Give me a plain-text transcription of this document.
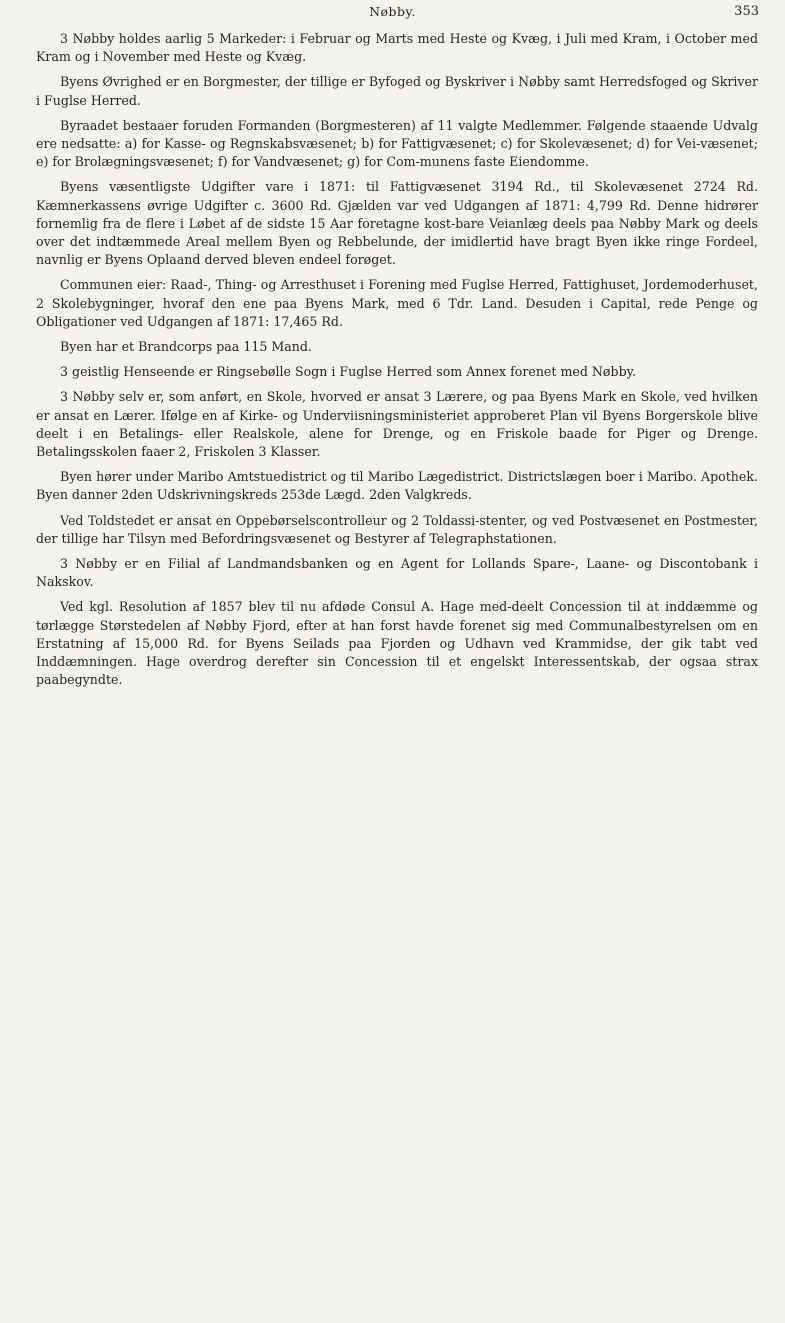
Nøbby.	353

3 Nøbby holdes aarlig 5 Markeder: i Februar og Marts med Heste og Kvæg, i Juli med Kram, i October med Kram og i November med Heste og Kvæg.

Byens Øvrighed er en Borgmester, der tillige er Byfoged og Byskriver i Nøbby samt Herredsfoged og Skriver i Fuglse Herred.

Byraadet bestaaer foruden Formanden (Borgmesteren) af 11 valgte Medlemmer. Følgende staaende Udvalg ere nedsatte: a) for Kasse- og Regnskabsvæsenet; b) for Fattigvæsenet; c) for Skolevæsenet; d) for Vei-væsenet; e) for Brolægningsvæsenet; f) for Vandvæsenet; g) for Com-munens faste Eiendomme.

Byens væsentligste Udgifter vare i 1871: til Fattigvæsenet 3194 Rd., til Skolevæsenet 2724 Rd. Kæmnerkassens øvrige Udgifter c. 3600 Rd. Gjælden var ved Udgangen af 1871: 4,799 Rd. Denne hidrører fornemlig fra de flere i Løbet af de sidste 15 Aar foretagne kost-bare Veianlæg deels paa Nøbby Mark og deels over det indtæmmede Areal mellem Byen og Rebbelunde, der imidlertid have bragt Byen ikke ringe Fordeel, navnlig er Byens Oplaand derved bleven endeel forøget.

Communen eier: Raad-, Thing- og Arresthuset i Forening med Fuglse Herred, Fattighuset, Jordemoderhuset, 2 Skolebygninger, hvoraf den ene paa Byens Mark, med 6 Tdr. Land. Desuden i Capital, rede Penge og Obligationer ved Udgangen af 1871: 17,465 Rd.

Byen har et Brandcorps paa 115 Mand.

3 geistlig Henseende er Ringsebølle Sogn i Fuglse Herred som Annex forenet med Nøbby.

3 Nøbby selv er, som anført, en Skole, hvorved er ansat 3 Lærere, og paa Byens Mark en Skole, ved hvilken er ansat en Lærer. Ifølge en af Kirke- og Underviisningsministeriet approberet Plan vil Byens Borgerskole blive deelt i en Betalings- eller Realskole, alene for Drenge, og en Friskole baade for Piger og Drenge. Betalingsskolen faaer 2, Friskolen 3 Klasser.

Byen hører under Maribo Amtstuedistrict og til Maribo Lægedistrict. Districtslægen boer i Maribo. Apothek. Byen danner 2den Udskrivningskreds 253de Lægd. 2den Valgkreds.

Ved Toldstedet er ansat en Oppebørselscontrolleur og 2 Toldassi-stenter, og ved Postvæsenet en Postmester, der tillige har Tilsyn med Befordringsvæsenet og Bestyrer af Telegraphstationen.

3 Nøbby er en Filial af Landmandsbanken og en Agent for Lollands Spare-, Laane- og Discontobank i Nakskov.

Ved kgl. Resolution af 1857 blev til nu afdøde Consul A. Hage med-deelt Concession til at inddæmme og tørlægge Størstedelen af Nøbby Fjord, efter at han forst havde forenet sig med Communalbestyrelsen om en Erstatning af 15,000 Rd. for Byens Seilads paa Fjorden og Udhavn ved Krammidse, der gik tabt ved Inddæmningen. Hage overdrog derefter sin Concession til et engelskt Interessentskab, der ogsaa strax paabegyndte.
